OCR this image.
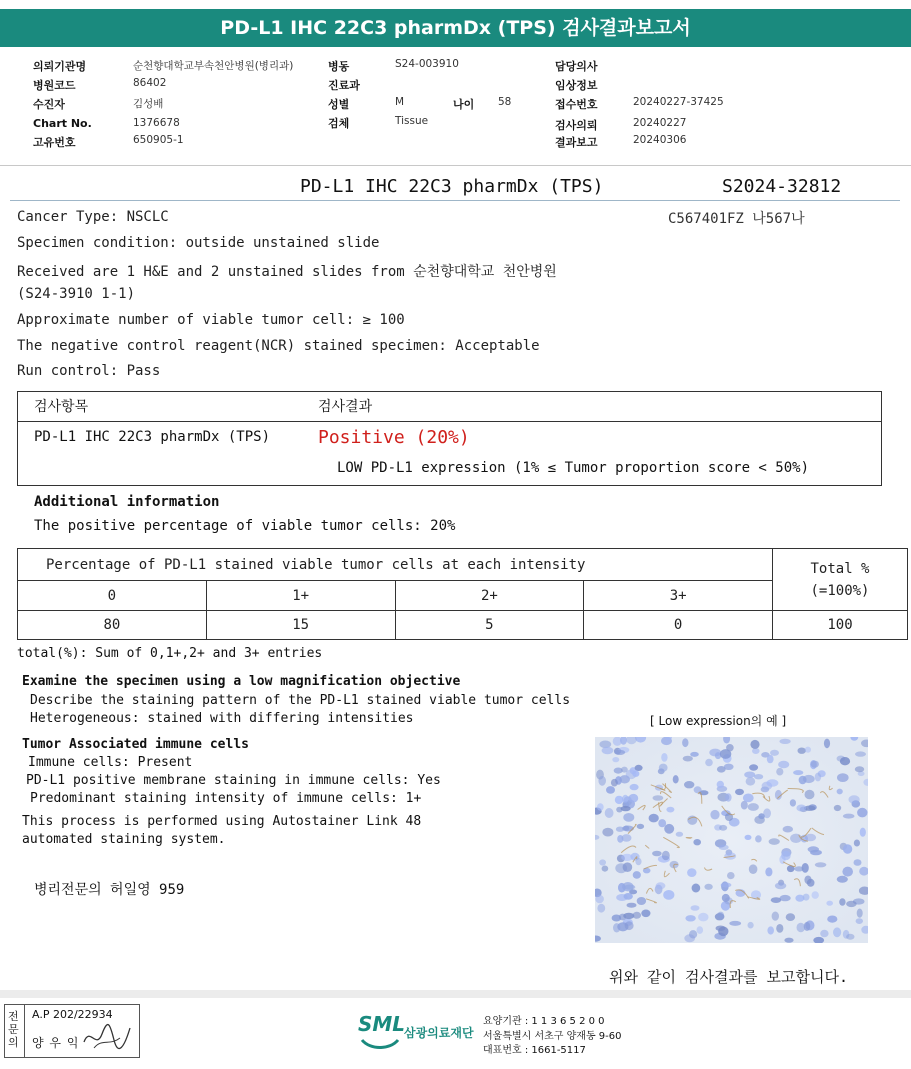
PD-L1 IHC 22C3 pharmDx (TPS) 검사결과보고서
의뢰기관명	순천향대학교부속천안병원(병리과)
병원코드	86402
수진자	김성배
Chart No.	1376678
고유번호	650905-1
병동	S24-003910
진료과
성별	M	나이 58
검체	Tissue
담당의사
임상정보
접수번호	20240227-37425
검사의뢰	20240227
결과보고	20240306
PD-L1 IHC 22C3 pharmDx (TPS)	S2024-32812
C567401FZ 나567나
Cancer Type: NSCLC
Specimen condition: outside unstained slide
Received are 1 H&E and 2 unstained slides from 순천향대학교 천안병원
(S24-3910 1-1)
Approximate number of viable tumor cell: ≥ 100
The negative control reagent(NCR) stained specimen: Acceptable
Run control: Pass
검사항목	검사결과
PD-L1 IHC 22C3 pharmDx (TPS)	Positive (20%)
LOW PD-L1 expression (1% ≤ Tumor proportion score < 50%)
Additional information
The positive percentage of viable tumor cells: 20%
Percentage of PD-L1 stained viable tumor cells at each intensity				Total %
(=100%)

0	1+	2+	3+	
80	15	5	0	100
total(%): Sum of 0,1+,2+ and 3+ entries
Examine the specimen using a low magnification objective
Describe the staining pattern of the PD-L1 stained viable tumor cells
Heterogeneous: stained with differing intensities	[ Low expression의 예 ]
Tumor Associated immune cells
Immune cells: Present
PD-L1 positive membrane staining in immune cells: Yes
Predominant staining intensity of immune cells: 1+
This process is performed using Autostainer Link 48
automated staining system.
병리전문의 허일영 959
위와 같이 검사결과를 보고합니다.
전문의
A.P 202/22934
양 우 익
SML
삼광의료재단
요양기관 : 1 1 3 6 5 2 0 0
서울특별시 서초구 양재동 9-60
대표번호 : 1661-5117
